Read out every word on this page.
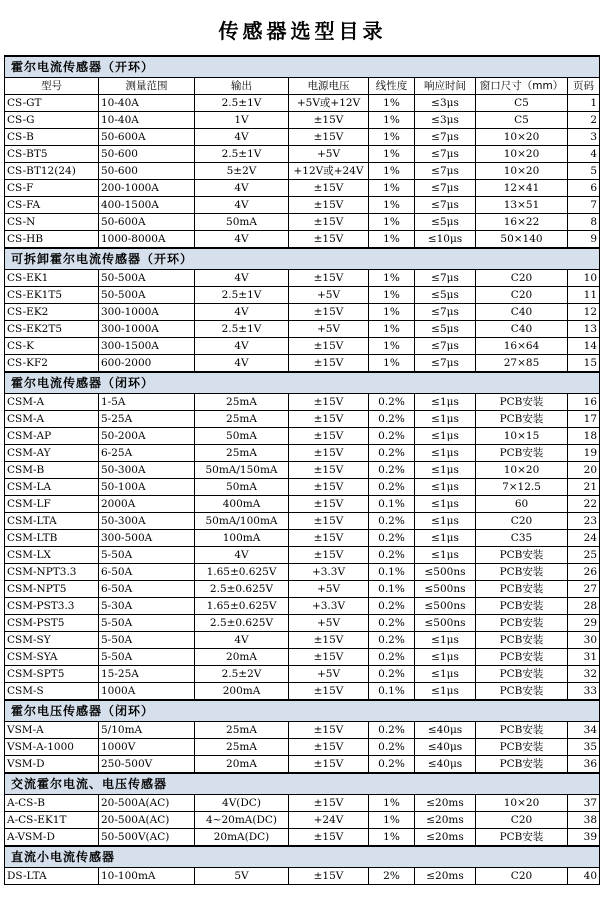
传感器选型目录
霍尔电流传感器（开环）							
型号	测量范围	输出	电源电压	线性度	响应时间	窗口尺寸（mm）	页码
CS-GT	10-40A	2.5±1V	+5V或+12V	1%	≤3μs	Ⅽ5	1
CS-G	10-40A	1V	±15V	1%	≤3μs	Ⅽ5	2
CS-B	50-600A	4V	±15V	1%	≤7μs	10×20	3
CS-BT5	50-600	2.5±1V	+5V	1%	≤7μs	10×20	4
CS-BT12(24)	50-600	5±2V	+12V或+24V	1%	≤7μs	10×20	5
CS-F	200-1000A	4V	±15V	1%	≤7μs	12×41	6
CS-FA	400-1500A	4V	±15V	1%	≤7μs	13×51	7
CS-N	50-600A	50mA	±15V	1%	≤5μs	16×22	8
CS-HB	1000-8000A	4V	±15V	1%	≤10μs	50×140	9
可拆卸霍尔电流传感器（开环）							
CS-EK1	50-500A	4V	±15V	1%	≤7μs	Ⅽ20	10
CS-EK1T5	50-500A	2.5±1V	+5V	1%	≤5μs	Ⅽ20	11
CS-EK2	300-1000A	4V	±15V	1%	≤7μs	Ⅽ40	12
CS-EK2T5	300-1000A	2.5±1V	+5V	1%	≤5μs	Ⅽ40	13
CS-K	300-1500A	4V	±15V	1%	≤7μs	16×64	14
CS-KF2	600-2000	4V	±15V	1%	≤7μs	27×85	15
霍尔电流传感器（闭环）							
CSM-A	1-5A	25mA	±15V	0.2%	≤1μs	PCB安装	16
CSM-A	5-25A	25mA	±15V	0.2%	≤1μs	PCB安装	17
CSM-AP	50-200A	50mA	±15V	0.2%	≤1μs	10×15	18
CSM-AY	6-25A	25mA	±15V	0.2%	≤1μs	PCB安装	19
CSM-B	50-300A	50mA/150mA	±15V	0.2%	≤1μs	10×20	20
CSM-LA	50-100A	50mA	±15V	0.2%	≤1μs	7×12.5	21
CSM-LF	2000A	400mA	±15V	0.1%	≤1μs	60	22
CSM-LTA	50-300A	50mA/100mA	±15V	0.2%	≤1μs	Ⅽ20	23
CSM-LTB	300-500A	100mA	±15V	0.2%	≤1μs	Ⅽ35	24
CSM-LX	5-50A	4V	±15V	0.2%	≤1μs	PCB安装	25
CSM-NPT3.3	6-50A	1.65±0.625V	+3.3V	0.1%	≤500ns	PCB安装	26
CSM-NPT5	6-50A	2.5±0.625V	+5V	0.1%	≤500ns	PCB安装	27
CSM-PST3.3	5-30A	1.65±0.625V	+3.3V	0.2%	≤500ns	PCB安装	28
CSM-PST5	5-50A	2.5±0.625V	+5V	0.2%	≤500ns	PCB安装	29
CSM-SY	5-50A	4V	±15V	0.2%	≤1μs	PCB安装	30
CSM-SYA	5-50A	20mA	±15V	0.2%	≤1μs	PCB安装	31
CSM-SPT5	15-25A	2.5±2V	+5V	0.2%	≤1μs	PCB安装	32
CSM-S	1000A	200mA	±15V	0.1%	≤1μs	PCB安装	33
霍尔电压传感器（闭环）							
VSM-A	5/10mA	25mA	±15V	0.2%	≤40μs	PCB安装	34
VSM-A-1000	1000V	25mA	±15V	0.2%	≤40μs	PCB安装	35
VSM-D	250-500V	20mA	±15V	0.2%	≤40μs	PCB安装	36
交流霍尔电流、电压传感器							
A-CS-B	20-500A(AC)	4V(DC)	±15V	1%	≤20ms	10×20	37
A-CS-EK1T	20-500A(AC)	4~20mA(DC)	+24V	1%	≤20ms	Ⅽ20	38
A-VSM-D	50-500V(AC)	20mA(DC)	±15V	1%	≤20ms	PCB安装	39
直流小电流传感器							
DS-LTA	10-100mA	5V	±15V	2%	≤20ms	Ⅽ20	40
